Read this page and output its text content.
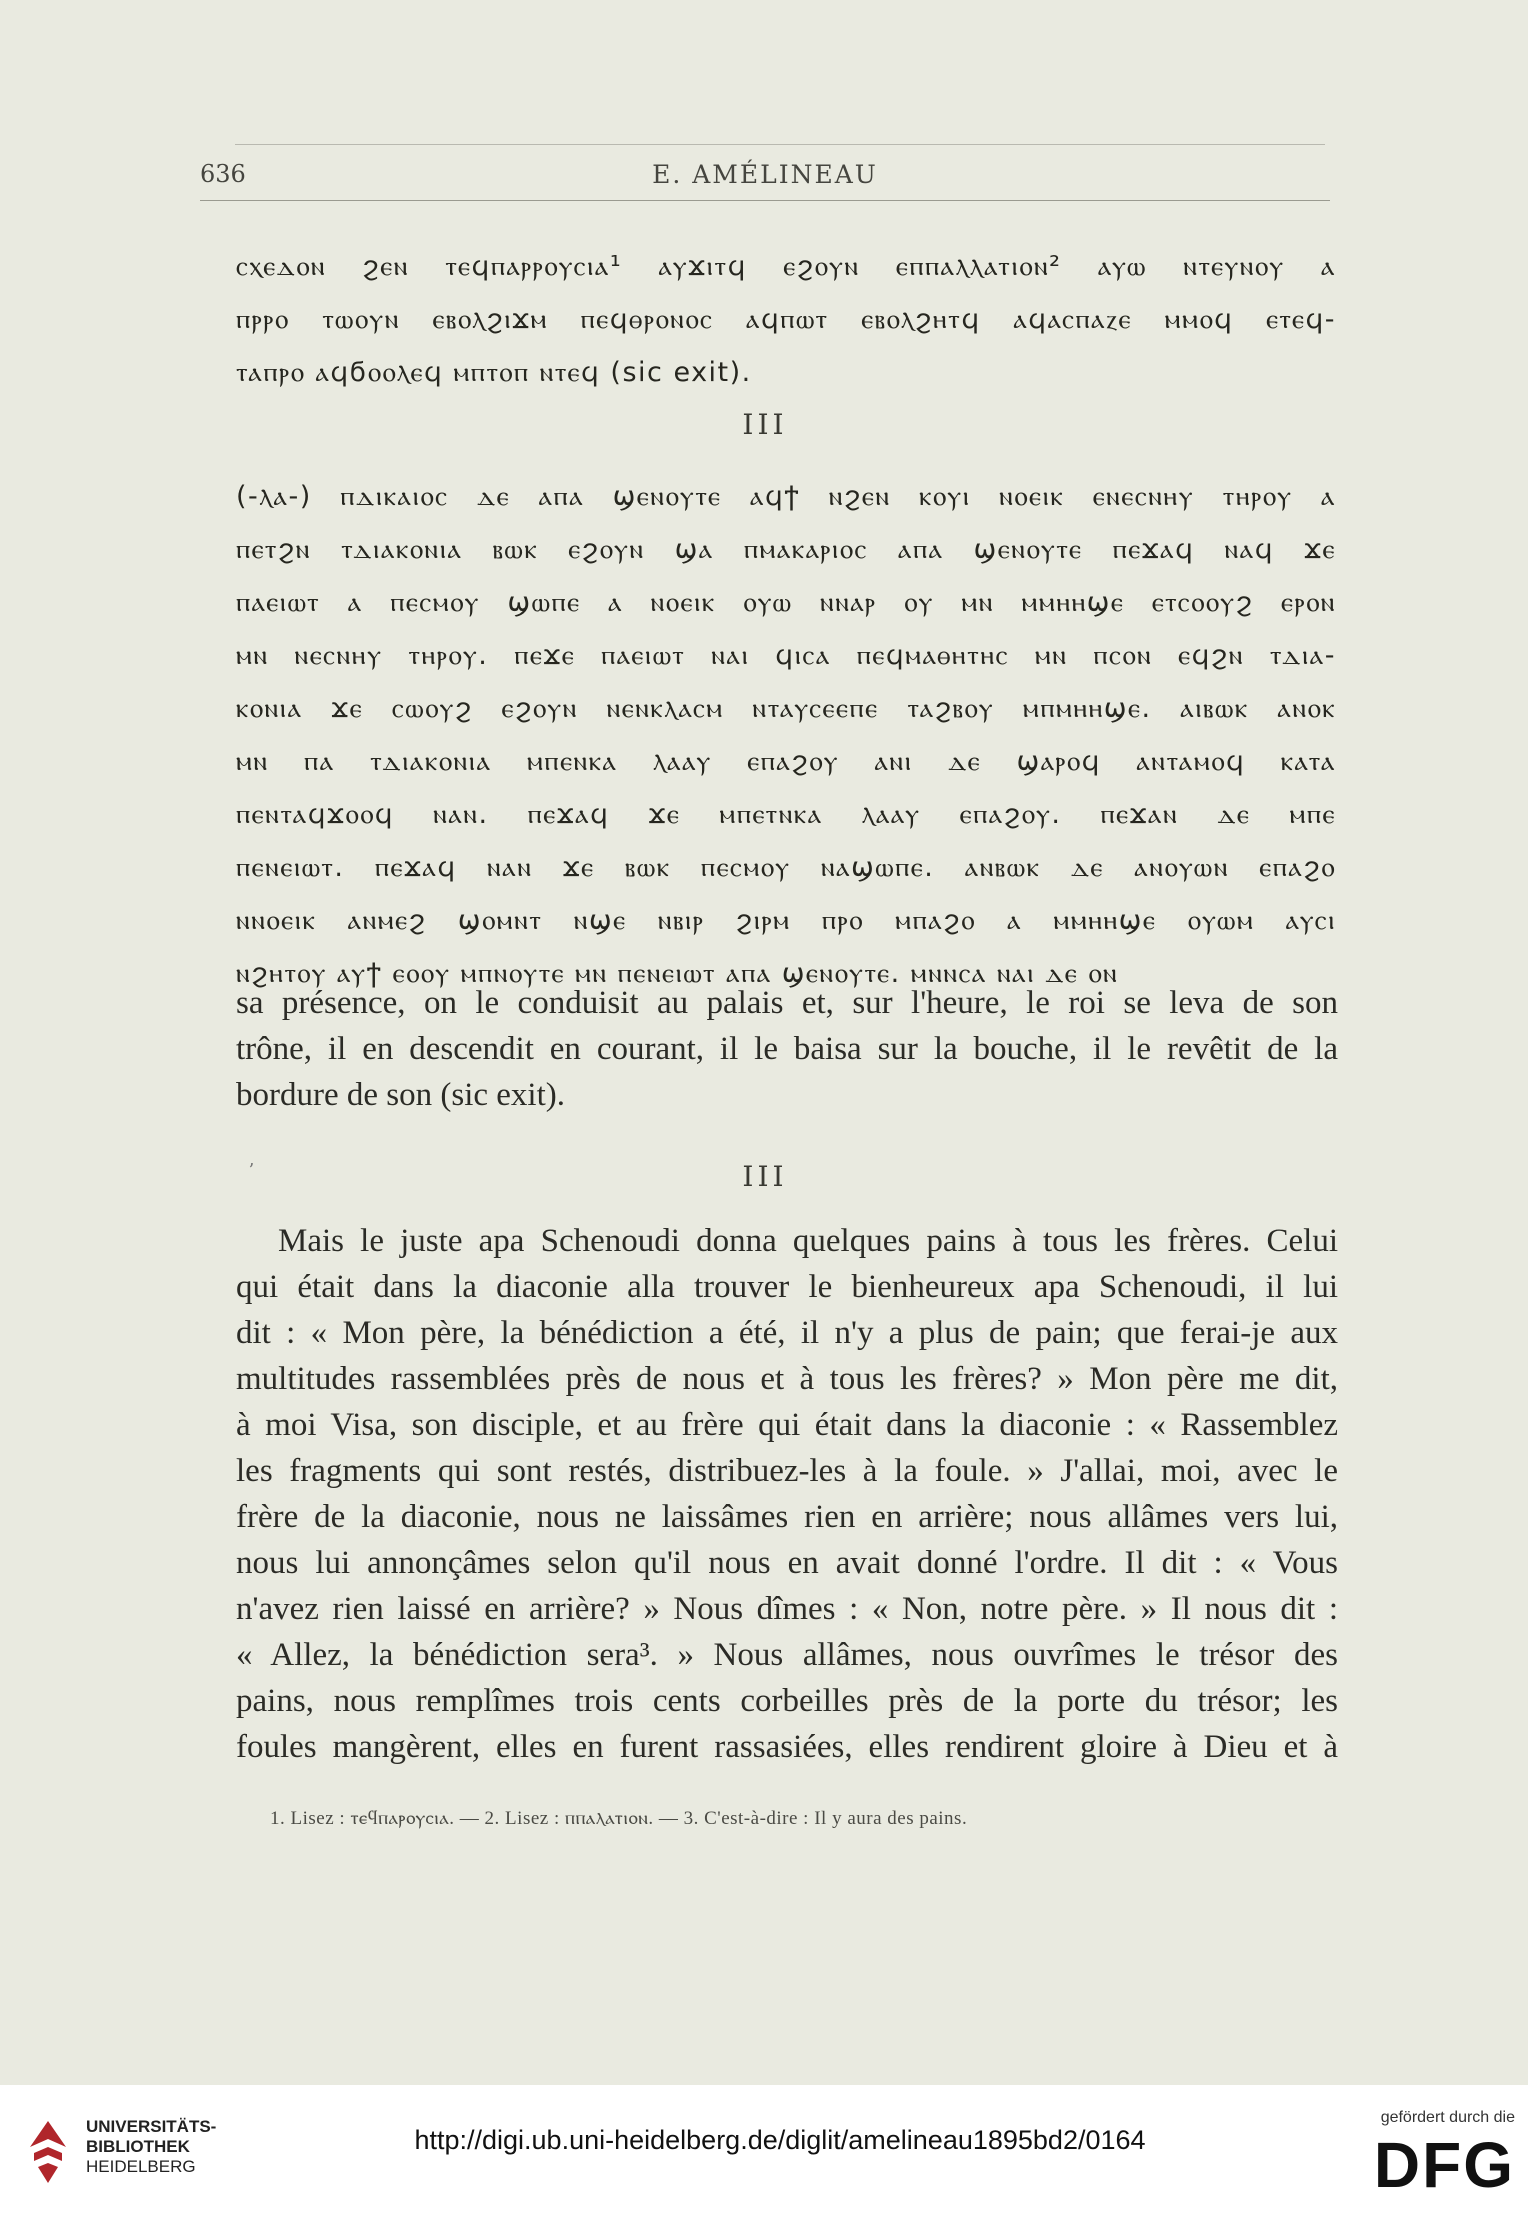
636	E. AMÉLINEAU
ⲥⲭⲉⲇⲟⲛ ϩⲉⲛ ⲧⲉϥⲡⲁⲣⲣⲟⲩⲥⲓⲁ¹ ⲁⲩϫⲓⲧϥ ⲉϩⲟⲩⲛ ⲉⲡⲡⲁⲗⲗⲁⲧⲓⲟⲛ² ⲁⲩⲱ ⲛⲧⲉⲩⲛⲟⲩ ⲁ
ⲡⲣⲣⲟ ⲧⲱⲟⲩⲛ ⲉⲃⲟⲗϩⲓϫⲙ ⲡⲉϥⲑⲣⲟⲛⲟⲥ ⲁϥⲡⲱⲧ ⲉⲃⲟⲗϩⲏⲧϥ ⲁϥⲁⲥⲡⲁⲍⲉ ⲙⲙⲟϥ ⲉⲧⲉϥ-
ⲧⲁⲡⲣⲟ ⲁϥϭⲟⲟⲗⲉϥ ⲙⲡⲧⲟⲡ ⲛⲧⲉϥ (sic exit).
III
(-ⲗⲁ-) ⲡⲇⲓⲕⲁⲓⲟⲥ ⲇⲉ ⲁⲡⲁ ϣⲉⲛⲟⲩⲧⲉ ⲁϥϯ ⲛϩⲉⲛ ⲕⲟⲩⲓ ⲛⲟⲉⲓⲕ ⲉⲛⲉⲥⲛⲏⲩ ⲧⲏⲣⲟⲩ ⲁ
ⲡⲉⲧϩⲛ ⲧⲇⲓⲁⲕⲟⲛⲓⲁ ⲃⲱⲕ ⲉϩⲟⲩⲛ ϣⲁ ⲡⲙⲁⲕⲁⲣⲓⲟⲥ ⲁⲡⲁ ϣⲉⲛⲟⲩⲧⲉ ⲡⲉϫⲁϥ ⲛⲁϥ ϫⲉ
ⲡⲁⲉⲓⲱⲧ ⲁ ⲡⲉⲥⲙⲟⲩ ϣⲱⲡⲉ ⲁ ⲛⲟⲉⲓⲕ ⲟⲩⲱ ⲛⲛⲁⲣ ⲟⲩ ⲙⲛ ⲙⲙⲏⲏϣⲉ ⲉⲧⲥⲟⲟⲩϩ ⲉⲣⲟⲛ
ⲙⲛ ⲛⲉⲥⲛⲏⲩ ⲧⲏⲣⲟⲩ. ⲡⲉϫⲉ ⲡⲁⲉⲓⲱⲧ ⲛⲁⲓ ϥⲓⲥⲁ ⲡⲉϥⲙⲁⲑⲏⲧⲏⲥ ⲙⲛ ⲡⲥⲟⲛ ⲉϥϩⲛ ⲧⲇⲓⲁ-
ⲕⲟⲛⲓⲁ ϫⲉ ⲥⲱⲟⲩϩ ⲉϩⲟⲩⲛ ⲛⲉⲛⲕⲗⲁⲥⲙ ⲛⲧⲁⲩⲥⲉⲉⲡⲉ ⲧⲁϩⲃⲟⲩ ⲙⲡⲙⲏⲏϣⲉ. ⲁⲓⲃⲱⲕ ⲁⲛⲟⲕ
ⲙⲛ ⲡⲁ ⲧⲇⲓⲁⲕⲟⲛⲓⲁ ⲙⲡⲉⲛⲕⲁ ⲗⲁⲁⲩ ⲉⲡⲁϩⲟⲩ ⲁⲛⲓ ⲇⲉ ϣⲁⲣⲟϥ ⲁⲛⲧⲁⲙⲟϥ ⲕⲁⲧⲁ
ⲡⲉⲛⲧⲁϥϫⲟⲟϥ ⲛⲁⲛ. ⲡⲉϫⲁϥ ϫⲉ ⲙⲡⲉⲧⲛⲕⲁ ⲗⲁⲁⲩ ⲉⲡⲁϩⲟⲩ. ⲡⲉϫⲁⲛ ⲇⲉ ⲙⲡⲉ
ⲡⲉⲛⲉⲓⲱⲧ. ⲡⲉϫⲁϥ ⲛⲁⲛ ϫⲉ ⲃⲱⲕ ⲡⲉⲥⲙⲟⲩ ⲛⲁϣⲱⲡⲉ. ⲁⲛⲃⲱⲕ ⲇⲉ ⲁⲛⲟⲩⲱⲛ ⲉⲡⲁϩⲟ
ⲛⲛⲟⲉⲓⲕ ⲁⲛⲙⲉϩ ϣⲟⲙⲛⲧ ⲛϣⲉ ⲛⲃⲓⲣ ϩⲓⲣⲙ ⲡⲣⲟ ⲙⲡⲁϩⲟ ⲁ ⲙⲙⲏⲏϣⲉ ⲟⲩⲱⲙ ⲁⲩⲥⲓ
ⲛϩⲏⲧⲟⲩ ⲁⲩϯ ⲉⲟⲟⲩ ⲙⲡⲛⲟⲩⲧⲉ ⲙⲛ ⲡⲉⲛⲉⲓⲱⲧ ⲁⲡⲁ ϣⲉⲛⲟⲩⲧⲉ. ⲙⲛⲛⲥⲁ ⲛⲁⲓ ⲇⲉ ⲟⲛ
sa présence, on le conduisit au palais et, sur l'heure, le roi se leva de son
trône, il en descendit en courant, il le baisa sur la bouche, il le revêtit de la
bordure de son (sic exit).
ʼ	III
Mais le juste apa Schenoudi donna quelques pains à tous les frères. Celui
qui était dans la diaconie alla trouver le bienheureux apa Schenoudi, il lui
dit : « Mon père, la bénédiction a été, il n'y a plus de pain; que ferai-je aux
multitudes rassemblées près de nous et à tous les frères? » Mon père me dit,
à moi Visa, son disciple, et au frère qui était dans la diaconie : « Rassemblez
les fragments qui sont restés, distribuez-les à la foule. » J'allai, moi, avec le
frère de la diaconie, nous ne laissâmes rien en arrière; nous allâmes vers lui,
nous lui annonçâmes selon qu'il nous en avait donné l'ordre. Il dit : « Vous
n'avez rien laissé en arrière? » Nous dîmes : « Non, notre père. » Il nous dit :
« Allez, la bénédiction sera³. » Nous allâmes, nous ouvrîmes le trésor des
pains, nous remplîmes trois cents corbeilles près de la porte du trésor; les
foules mangèrent, elles en furent rassasiées, elles rendirent gloire à Dieu et à
1. Lisez : ⲧⲉϥⲡⲁⲣⲟⲩⲥⲓⲁ. — 2. Lisez : ⲡⲡⲁⲗⲁⲧⲓⲟⲛ. — 3. C'est-à-dire : Il y aura des pains.
UNIVERSITÄTS-
BIBLIOTHEK
HEIDELBERG
http://digi.ub.uni-heidelberg.de/diglit/amelineau1895bd2/0164
gefördert durch die
DFG
